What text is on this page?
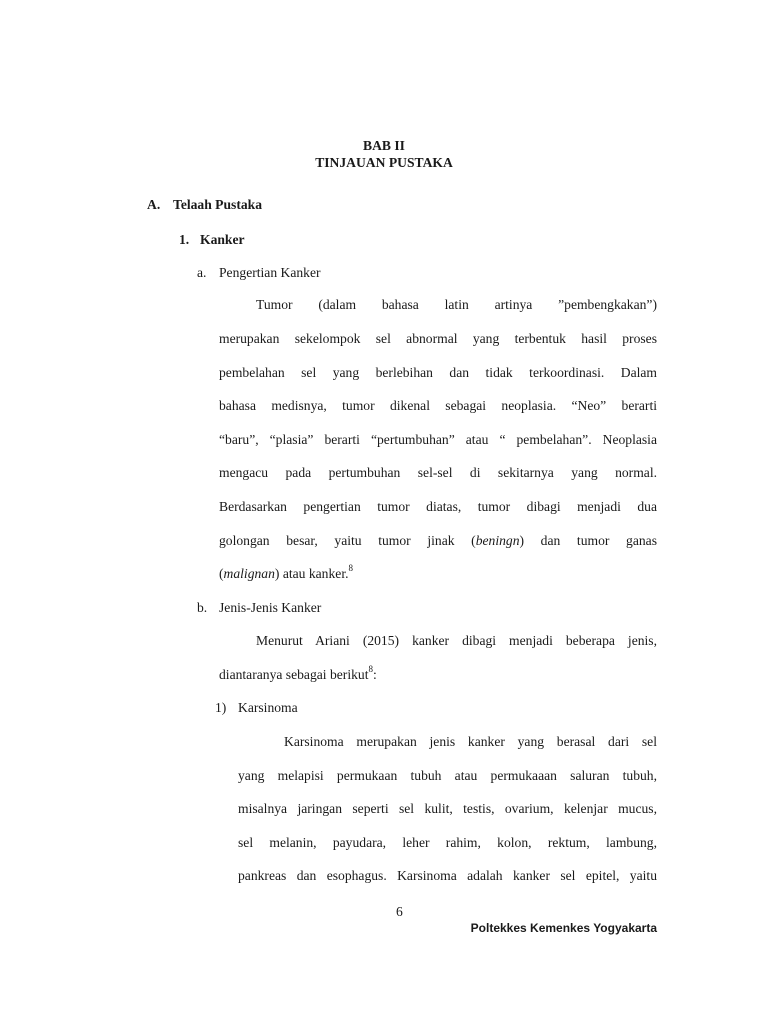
BAB II
TINJAUAN PUSTAKA
A. Telaah Pustaka
1. Kanker
a. Pengertian Kanker
Tumor (dalam bahasa latin artinya ”pembengkakan”)
merupakan sekelompok sel abnormal yang terbentuk hasil proses
pembelahan sel yang berlebihan dan tidak terkoordinasi. Dalam
bahasa medisnya, tumor dikenal sebagai neoplasia. “Neo” berarti
“baru”, “plasia” berarti “pertumbuhan” atau “ pembelahan”. Neoplasia
mengacu pada pertumbuhan sel-sel di sekitarnya yang normal.
Berdasarkan pengertian tumor diatas, tumor dibagi menjadi dua
golongan besar, yaitu tumor jinak (beningn) dan tumor ganas
(malignan) atau kanker.$^8$
b. Jenis-Jenis Kanker
Menurut Ariani (2015) kanker dibagi menjadi beberapa jenis,
diantaranya sebagai berikut$^8$:
1) Karsinoma
Karsinoma merupakan jenis kanker yang berasal dari sel
yang melapisi permukaan tubuh atau permukaaan saluran tubuh,
misalnya jaringan seperti sel kulit, testis, ovarium, kelenjar mucus,
sel melanin, payudara, leher rahim, kolon, rektum, lambung,
pankreas dan esophagus. Karsinoma adalah kanker sel epitel, yaitu
6
Poltekkes Kemenkes Yogyakarta
